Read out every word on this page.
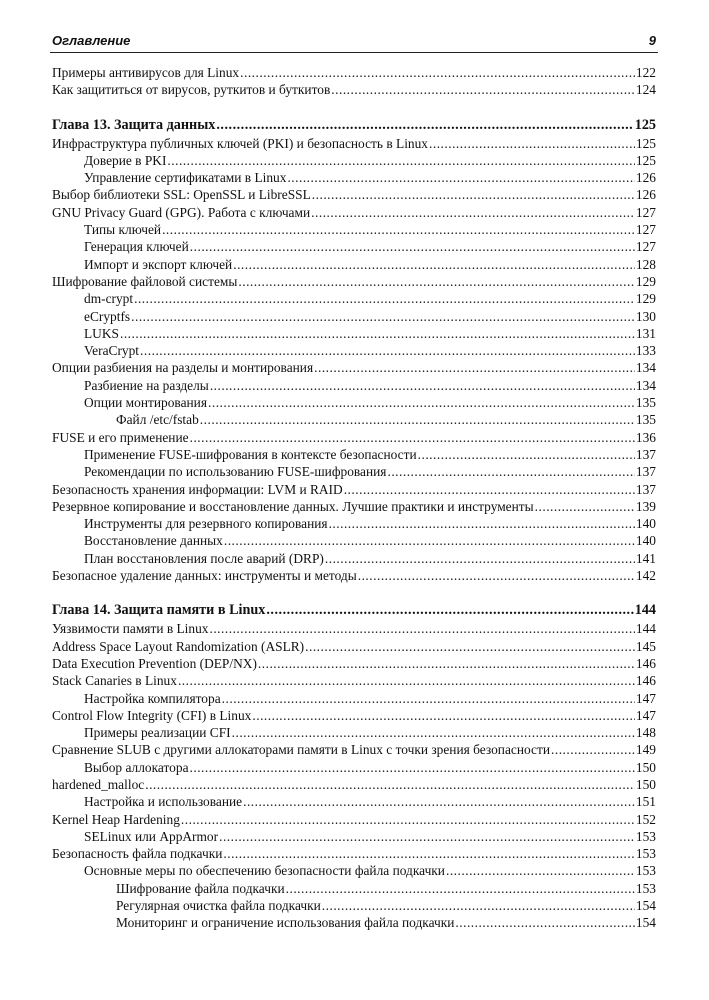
Оглавление	9
Примеры антивирусов для Linux .....	122
Как защититься от вирусов, руткитов и буткитов .....	124
Глава 13. Защита данных .....	125
Инфраструктура публичных ключей (PKI) и безопасность в Linux .....	125
Доверие в PKI .....	125
Управление сертификатами в Linux .....	126
Выбор библиотеки SSL: OpenSSL и LibreSSL .....	126
GNU Privacy Guard (GPG). Работа с ключами .....	127
Типы ключей .....	127
Генерация ключей .....	127
Импорт и экспорт ключей .....	128
Шифрование файловой системы .....	129
dm-crypt .....	129
eCryptfs .....	130
LUKS .....	131
VeraCrypt .....	133
Опции разбиения на разделы и монтирования .....	134
Разбиение на разделы .....	134
Опции монтирования .....	135
Файл /etc/fstab .....	135
FUSE и его применение .....	136
Применение FUSE-шифрования в контексте безопасности .....	137
Рекомендации по использованию FUSE-шифрования .....	137
Безопасность хранения информации: LVM и RAID .....	137
Резервное копирование и восстановление данных. Лучшие практики и инструменты .....	139
Инструменты для резервного копирования .....	140
Восстановление данных .....	140
План восстановления после аварий (DRP) .....	141
Безопасное удаление данных: инструменты и методы .....	142
Глава 14. Защита памяти в Linux .....	144
Уязвимости памяти в Linux .....	144
Address Space Layout Randomization (ASLR) .....	145
Data Execution Prevention (DEP/NX) .....	146
Stack Canaries в Linux .....	146
Настройка компилятора .....	147
Control Flow Integrity (CFI) в Linux .....	147
Примеры реализации CFI .....	148
Сравнение SLUB с другими аллокаторами памяти в Linux с точки зрения безопасности .....	149
Выбор аллокатора .....	150
hardened_malloc .....	150
Настройка и использование .....	151
Kernel Heap Hardening .....	152
SELinux или AppArmor .....	153
Безопасность файла подкачки .....	153
Основные меры по обеспечению безопасности файла подкачки .....	153
Шифрование файла подкачки .....	153
Регулярная очистка файла подкачки .....	154
Мониторинг и ограничение использования файла подкачки .....	154
